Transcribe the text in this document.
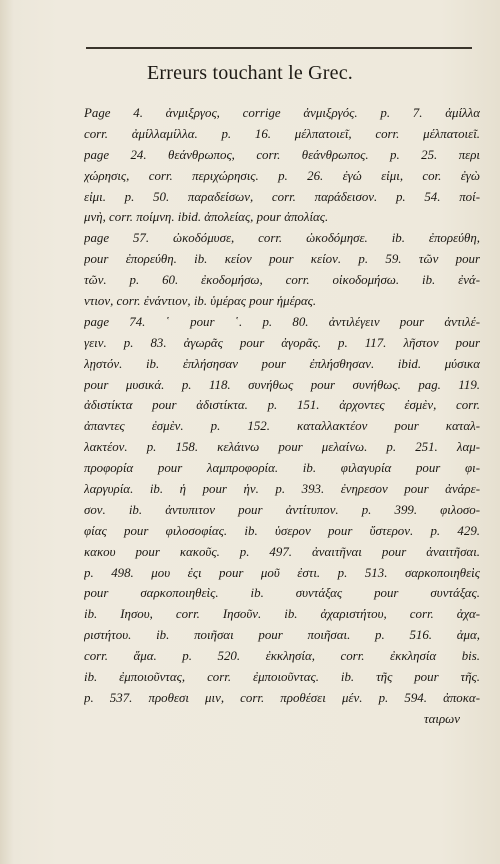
Erreurs touchant le Grec.
Page 4. ἀνμιξργος, corrige ἀνμιξργός. p. 7. ἀμίλλα
corr. ἀμίλλαμίλλα. p. 16. μέλπατοιεῖ, corr. μέλπατοιεῖ.
page 24. θεάνθρωπος, corr. θεάνθρωπος. p. 25. περι
χώρησις, corr. περιχώρησις. p. 26. ἐγώ εἰμι, cor. ἐγὼ
εἰμι. p. 50. παραδείσων, corr. παράδεισον. p. 54. ποί-
μνὴ, corr. ποίμνη. ibid. ἀπολείας, pour ἀπολίας.
page 57. ὠκοδόμυσε, corr. ὠκοδόμησε. ib. ἐπορεύθη,
pour ἐπορεύθη. ib. κείον pour κείον. p. 59. τῶν pour
τῶν. p. 60. ἐκοδομήσω, corr. οἰκοδομήσω. ib. ἐνά-
ντιον, corr. ἐνάντιον, ib. ὑμέρας pour ἡμέρας.
page 74. ῾ pour ῾. p. 80. ἀντιλέγειν pour ἀντιλέ-
γειν. p. 83. ἀγωρᾶς pour ἀγορᾶς. p. 117. λῆστον pour
λῃστόν. ib. ἐπλήσησαν pour ἐπλήσθησαν. ibid. μύσικα
pour μυσικά. p. 118. συνήθως pour συνήθως. pag. 119.
ἀδιστίκτα pour ἀδιστίκτα. p. 151. ἀρχοντες ἐσμὲν, corr.
ἀπαντες ἐσμὲν. p. 152. καταλλακτέον pour καταλ-
λακτέον. p. 158. κελάινω pour μελαίνω. p. 251. λαμ-
προφορία pour λαμπροφορία. ib. φιλαγυρία pour φι-
λαργυρία. ib. ἡ pour ἡν. p. 393. ἐνηρεσον pour ἀνάρε-
σον. ib. ἀντυπιτον pour ἀντίτυπον. p. 399. φιλοσο-
φίας pour φιλοσοφίας. ib. ὑσερον pour ὕστερον. p. 429.
κακου pour κακοῦς. p. 497. ἀναιτῆναι pour ἀναιτῆσαι.
p. 498. μου ἐςι pour μοῦ ἐστι. p. 513. σαρκοποιηθεὶς
pour σαρκοποιηθεὶς. ib. συντάξας pour συντάξας.
ib. Ιησου, corr. Ιησοῦν. ib. ἀχαριστήτου, corr. ἀχα-
ριστήτου. ib. ποιῆσαι pour ποιῆσαι. p. 516. ἀμα,
corr. ἅμα. p. 520. ἐκκλησία, corr. ἐκκλησία bis.
ib. ἐμποιοῦντας, corr. ἐμποιοῦντας. ib. τῆς pour τῆς.
p. 537. προθεσι μιν, corr. προθέσει μέν. p. 594. ἀποκα-
ταιρων
